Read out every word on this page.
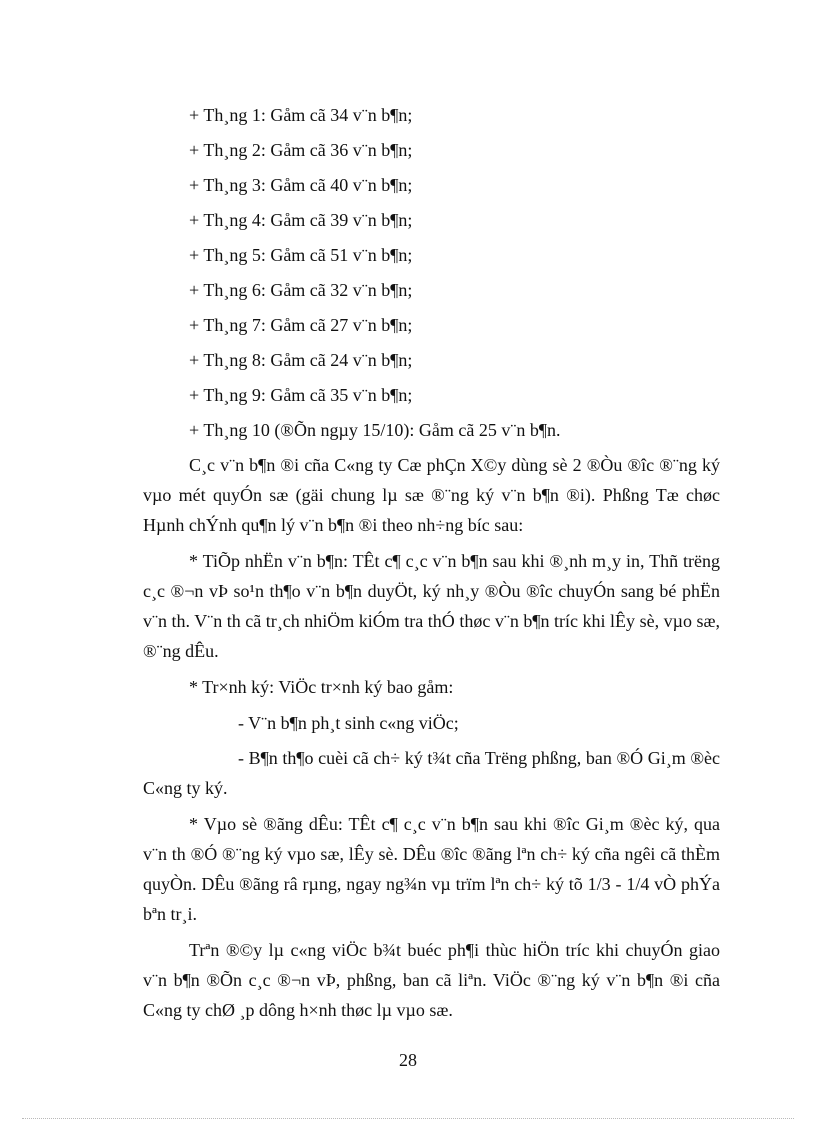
+ Th¸ng 1: Gåm cã 34 v¨n b¶n;
+ Th¸ng 2: Gåm cã 36 v¨n b¶n;
+ Th¸ng 3: Gåm cã 40 v¨n b¶n;
+ Th¸ng 4: Gåm cã 39 v¨n b¶n;
+ Th¸ng 5: Gåm cã 51 v¨n b¶n;
+ Th¸ng 6: Gåm cã 32 v¨n b¶n;
+ Th¸ng 7: Gåm cã 27 v¨n b¶n;
+ Th¸ng 8: Gåm cã 24 v¨n b¶n;
+ Th¸ng 9: Gåm cã 35 v¨n b¶n;
+ Th¸ng 10 (®Õn ngµy 15/10): Gåm cã 25 v¨n b¶n.

C¸c v¨n b¶n ®i cña C«ng ty Cæ phÇn X©y dùng sè 2 ®Òu ®îc ®¨ng ký vµo mét quyÓn sæ (gäi chung lµ sæ ®¨ng ký v¨n b¶n ®i). Phßng Tæ chøc Hµnh chÝnh qu¶n lý v¨n b¶n ®i theo nh÷ng bíc sau:

* TiÕp nhËn v¨n b¶n: TÊt c¶ c¸c v¨n b¶n sau khi ®¸nh m¸y in, Thñ trëng c¸c ®¬n vÞ so¹n th¶o v¨n b¶n duyÖt, ký nh¸y ®Òu ®îc chuyÓn sang bé phËn v¨n th. V¨n th cã tr¸ch nhiÖm kiÓm tra thÓ thøc v¨n b¶n tríc khi lÊy sè, vµo sæ, ®¨ng dÊu.

* Tr×nh ký: ViÖc tr×nh ký bao gåm:

- V¨n b¶n ph¸t sinh c«ng viÖc;

- B¶n th¶o cuèi cã ch÷ ký t¾t cña Trëng phßng, ban ®Ó Gi¸m ®èc C«ng ty ký.

* Vµo sè ®ãng dÊu: TÊt c¶ c¸c v¨n b¶n sau khi ®îc Gi¸m ®èc ký, qua v¨n th ®Ó ®¨ng ký vµo sæ, lÊy sè. DÊu ®îc ®ãng lªn ch÷ ký cña ngêi cã thÈm quyÒn. DÊu ®ãng râ rµng, ngay ng¾n vµ trïm lªn ch÷ ký tõ 1/3 - 1/4 vÒ phÝa bªn tr¸i.

Trªn ®©y lµ c«ng viÖc b¾t buéc ph¶i thùc hiÖn tríc khi chuyÓn giao v¨n b¶n ®Õn c¸c ®¬n vÞ, phßng, ban cã liªn. ViÖc ®¨ng ký v¨n b¶n ®i cña C«ng ty chØ ¸p dông h×nh thøc lµ vµo sæ.

28
